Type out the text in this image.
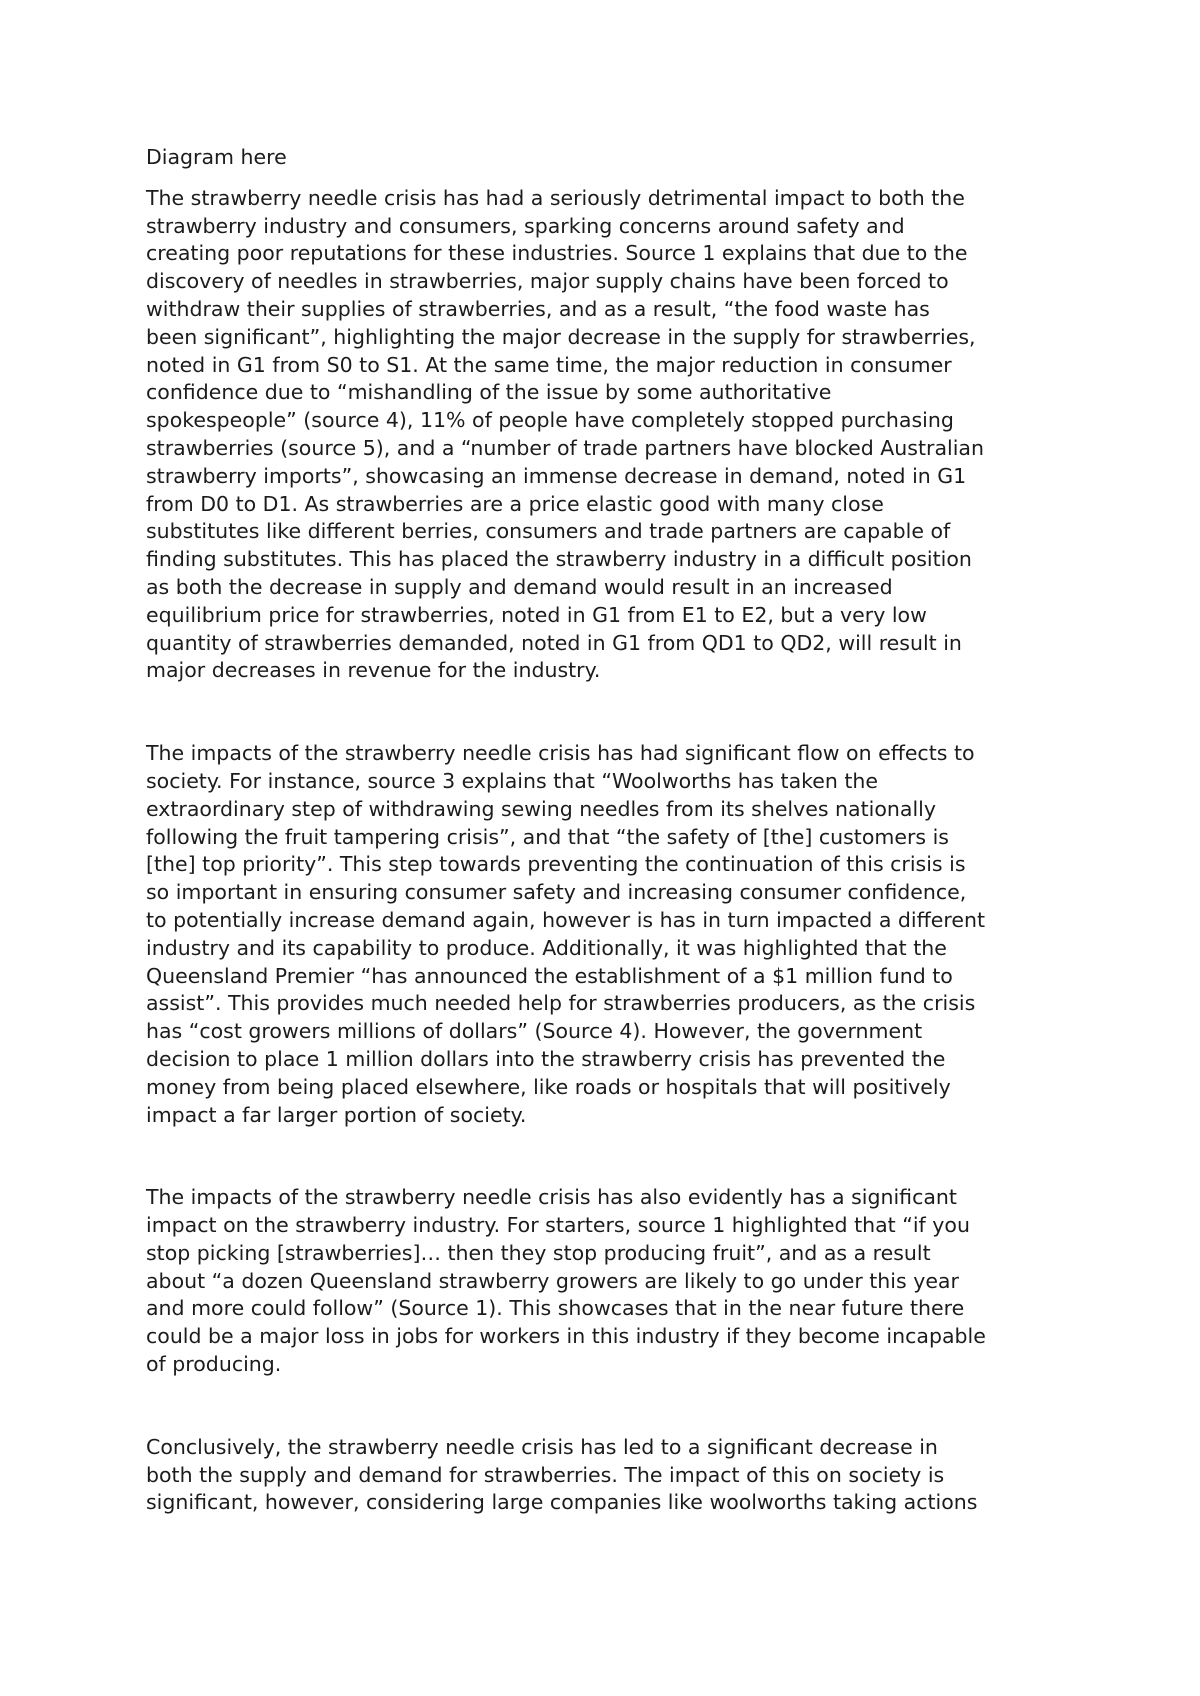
Diagram here
The strawberry needle crisis has had a seriously detrimental impact to both the
strawberry industry and consumers, sparking concerns around safety and
creating poor reputations for these industries. Source 1 explains that due to the
discovery of needles in strawberries, major supply chains have been forced to
withdraw their supplies of strawberries, and as a result, “the food waste has
been significant”, highlighting the major decrease in the supply for strawberries,
noted in G1 from S0 to S1. At the same time, the major reduction in consumer
confidence due to “mishandling of the issue by some authoritative
spokespeople” (source 4), 11% of people have completely stopped purchasing
strawberries (source 5), and a “number of trade partners have blocked Australian
strawberry imports”, showcasing an immense decrease in demand, noted in G1
from D0 to D1. As strawberries are a price elastic good with many close
substitutes like different berries, consumers and trade partners are capable of
finding substitutes. This has placed the strawberry industry in a difficult position
as both the decrease in supply and demand would result in an increased
equilibrium price for strawberries, noted in G1 from E1 to E2, but a very low
quantity of strawberries demanded, noted in G1 from QD1 to QD2, will result in
major decreases in revenue for the industry.
The impacts of the strawberry needle crisis has had significant flow on effects to
society. For instance, source 3 explains that “Woolworths has taken the
extraordinary step of withdrawing sewing needles from its shelves nationally
following the fruit tampering crisis”, and that “the safety of [the] customers is
[the] top priority”. This step towards preventing the continuation of this crisis is
so important in ensuring consumer safety and increasing consumer confidence,
to potentially increase demand again, however is has in turn impacted a different
industry and its capability to produce. Additionally, it was highlighted that the
Queensland Premier “has announced the establishment of a $1 million fund to
assist”. This provides much needed help for strawberries producers, as the crisis
has “cost growers millions of dollars” (Source 4). However, the government
decision to place 1 million dollars into the strawberry crisis has prevented the
money from being placed elsewhere, like roads or hospitals that will positively
impact a far larger portion of society.
The impacts of the strawberry needle crisis has also evidently has a significant
impact on the strawberry industry. For starters, source 1 highlighted that “if you
stop picking [strawberries]… then they stop producing fruit”, and as a result
about “a dozen Queensland strawberry growers are likely to go under this year
and more could follow” (Source 1). This showcases that in the near future there
could be a major loss in jobs for workers in this industry if they become incapable
of producing.
Conclusively, the strawberry needle crisis has led to a significant decrease in
both the supply and demand for strawberries. The impact of this on society is
significant, however, considering large companies like woolworths taking actions
